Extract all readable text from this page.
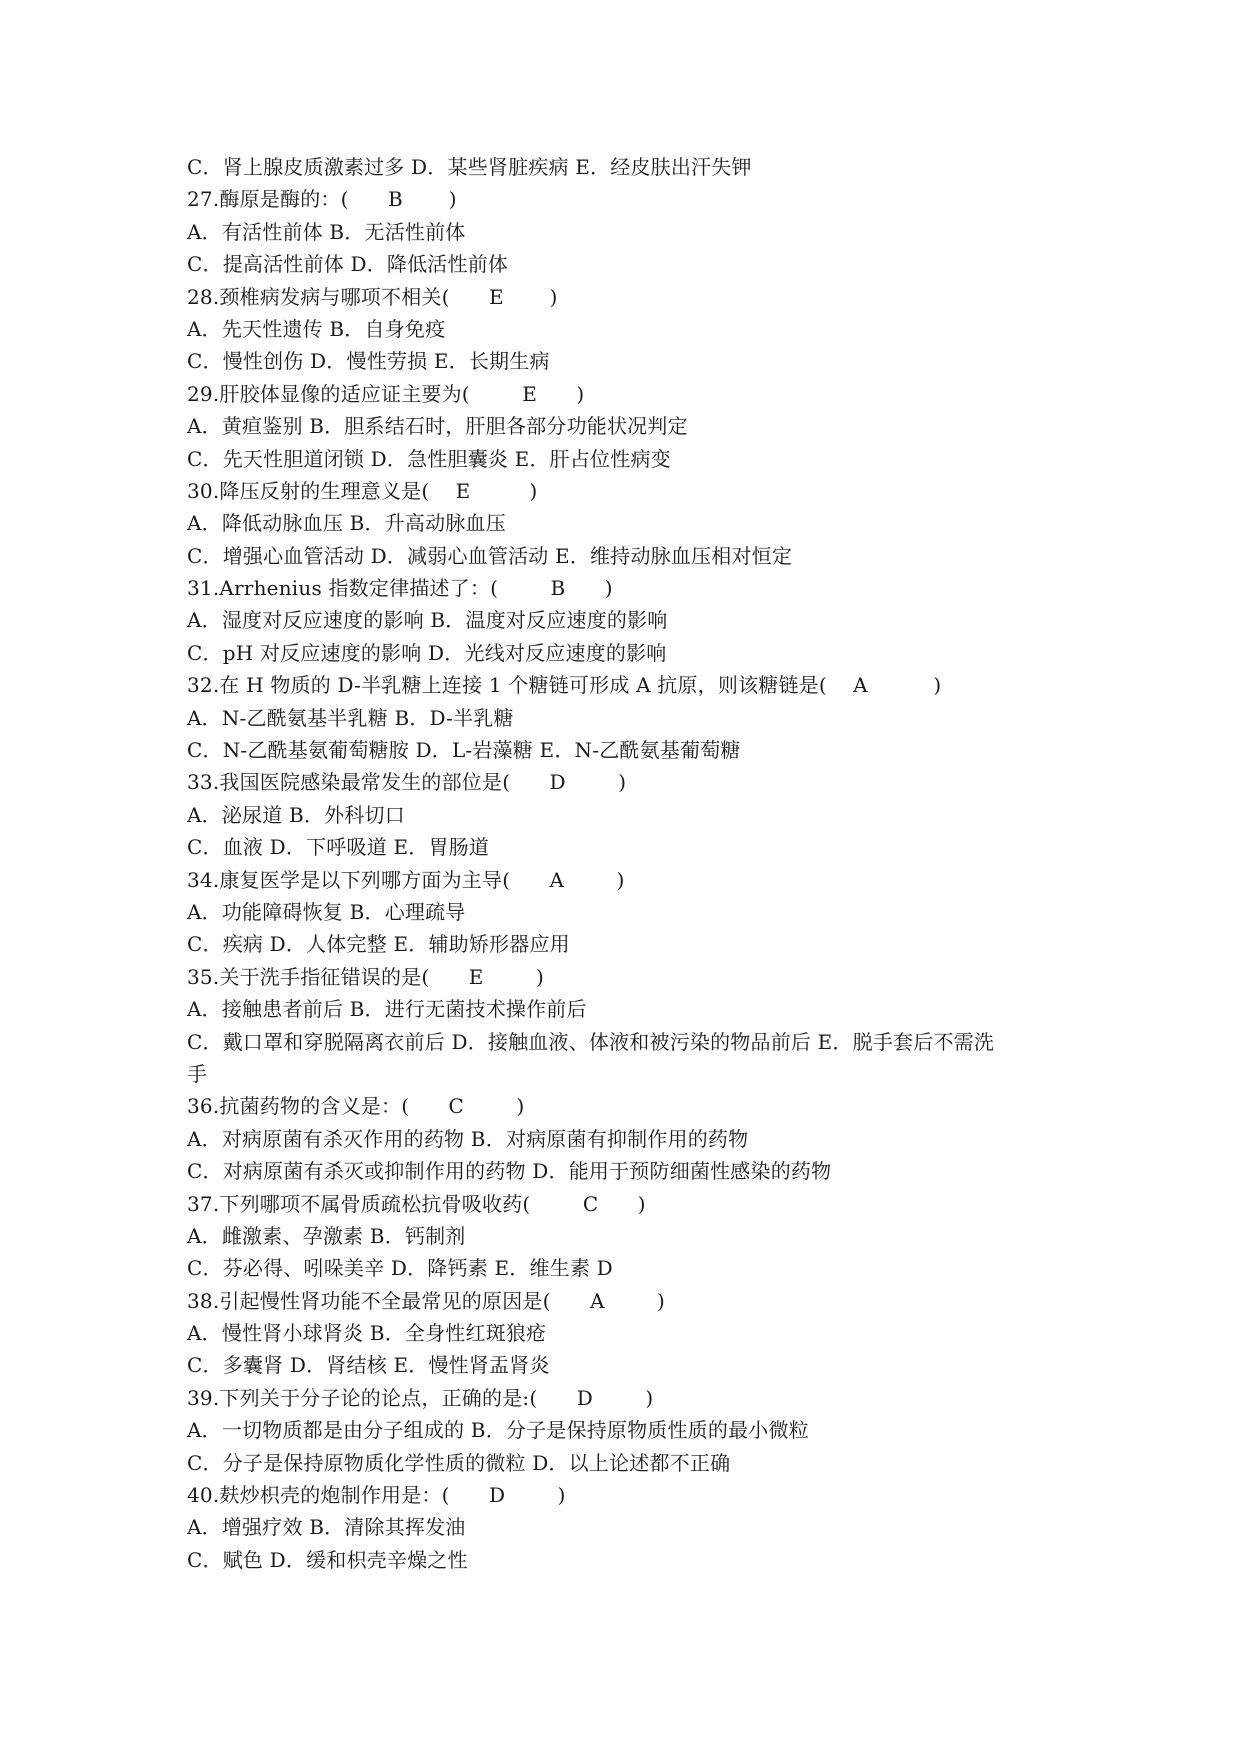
C．肾上腺皮质激素过多 D．某些肾脏疾病 E．经皮肤出汗失钾
27.酶原是酶的：(      B       )
A．有活性前体 B．无活性前体
C．提高活性前体 D．降低活性前体
28.颈椎病发病与哪项不相关(      E       )
A．先天性遗传 B．自身免疫
C．慢性创伤 D．慢性劳损 E．长期生病
29.肝胶体显像的适应证主要为(        E      )
A．黄疸鉴别 B．胆系结石时，肝胆各部分功能状况判定
C．先天性胆道闭锁 D．急性胆囊炎 E．肝占位性病变
30.降压反射的生理意义是(    E         )
A．降低动脉血压 B．升高动脉血压
C．增强心血管活动 D．减弱心血管活动 E．维持动脉血压相对恒定
31.Arrhenius 指数定律描述了：(        B      )
A．湿度对反应速度的影响 B．温度对反应速度的影响
C．pH 对反应速度的影响 D．光线对反应速度的影响
32.在 H 物质的 D-半乳糖上连接 1 个糖链可形成 A 抗原，则该糖链是(    A          )
A．N-乙酰氨基半乳糖 B．D-半乳糖
C．N-乙酰基氨葡萄糖胺 D．L-岩藻糖 E．N-乙酰氨基葡萄糖
33.我国医院感染最常发生的部位是(      D        )
A．泌尿道 B．外科切口
C．血液 D．下呼吸道 E．胃肠道
34.康复医学是以下列哪方面为主导(      A        )
A．功能障碍恢复 B．心理疏导
C．疾病 D．人体完整 E．辅助矫形器应用
35.关于洗手指征错误的是(      E        )
A．接触患者前后 B．进行无菌技术操作前后
C．戴口罩和穿脱隔离衣前后 D．接触血液、体液和被污染的物品前后 E．脱手套后不需洗
手
36.抗菌药物的含义是：(      C        )
A．对病原菌有杀灭作用的药物 B．对病原菌有抑制作用的药物
C．对病原菌有杀灭或抑制作用的药物 D．能用于预防细菌性感染的药物
37.下列哪项不属骨质疏松抗骨吸收药(        C      )
A．雌激素、孕激素 B．钙制剂
C．芬必得、吲哚美辛 D．降钙素 E．维生素 D
38.引起慢性肾功能不全最常见的原因是(      A        )
A．慢性肾小球肾炎 B．全身性红斑狼疮
C．多囊肾 D．肾结核 E．慢性肾盂肾炎
39.下列关于分子论的论点，正确的是:(      D        )
A．一切物质都是由分子组成的 B．分子是保持原物质性质的最小微粒
C．分子是保持原物质化学性质的微粒 D．以上论述都不正确
40.麸炒枳壳的炮制作用是：(      D        )
A．增强疗效 B．清除其挥发油
C．赋色 D．缓和枳壳辛燥之性
